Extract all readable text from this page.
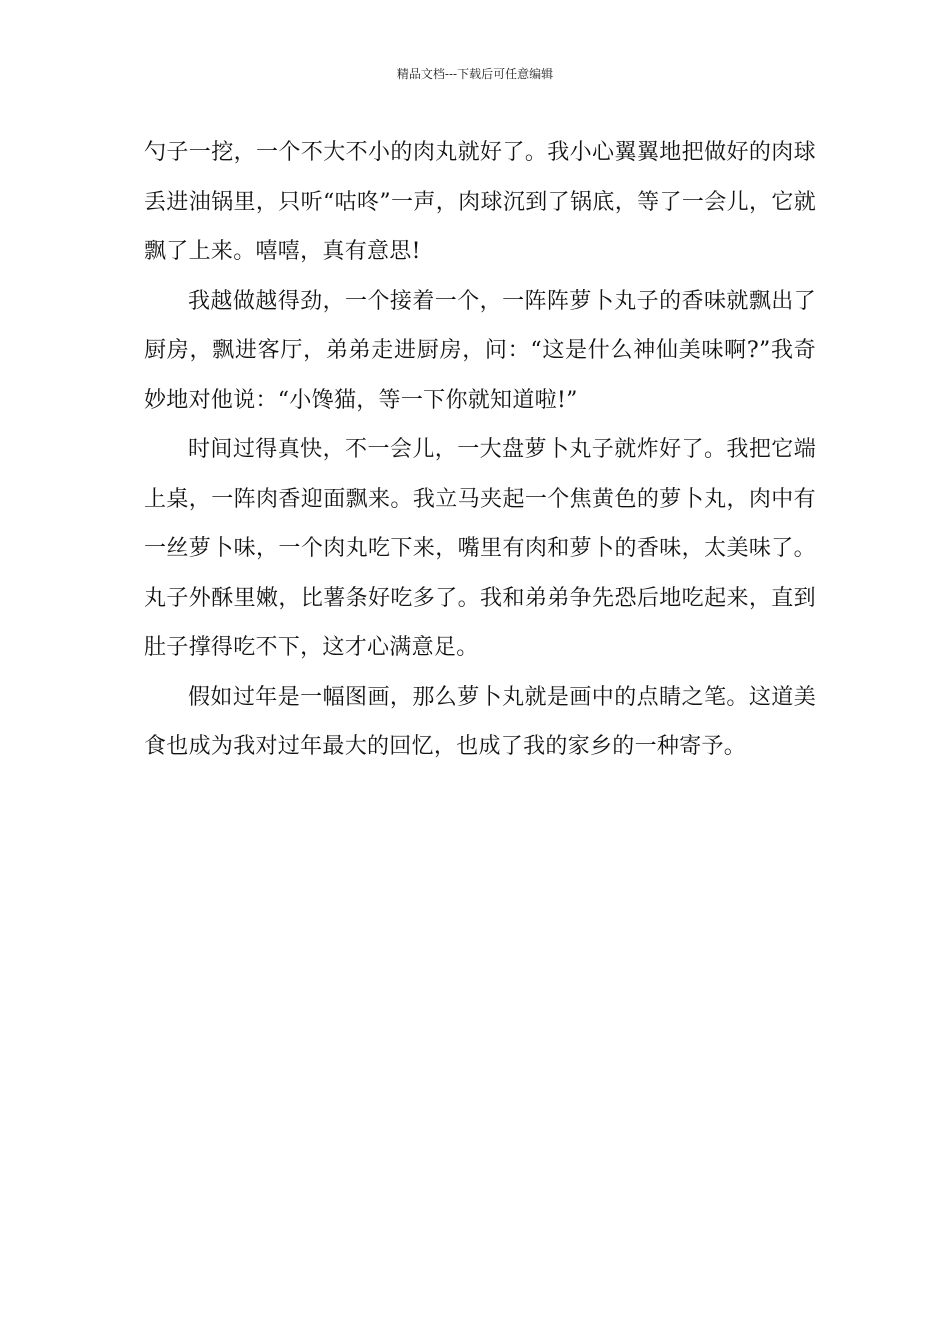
精品文档---下载后可任意编辑

勺子一挖，一个不大不小的肉丸就好了。我小心翼翼地把做好的肉球丢进油锅里，只听“咕咚”一声，肉球沉到了锅底，等了一会儿，它就飘了上来。嘻嘻，真有意思!

我越做越得劲，一个接着一个，一阵阵萝卜丸子的香味就飘出了厨房，飘进客厅，弟弟走进厨房，问：“这是什么神仙美味啊?”我奇妙地对他说：“小馋猫，等一下你就知道啦!”

时间过得真快，不一会儿，一大盘萝卜丸子就炸好了。我把它端上桌，一阵肉香迎面飘来。我立马夹起一个焦黄色的萝卜丸，肉中有一丝萝卜味，一个肉丸吃下来，嘴里有肉和萝卜的香味，太美味了。丸子外酥里嫩，比薯条好吃多了。我和弟弟争先恐后地吃起来，直到肚子撑得吃不下，这才心满意足。

假如过年是一幅图画，那么萝卜丸就是画中的点睛之笔。这道美食也成为我对过年最大的回忆，也成了我的家乡的一种寄予。
